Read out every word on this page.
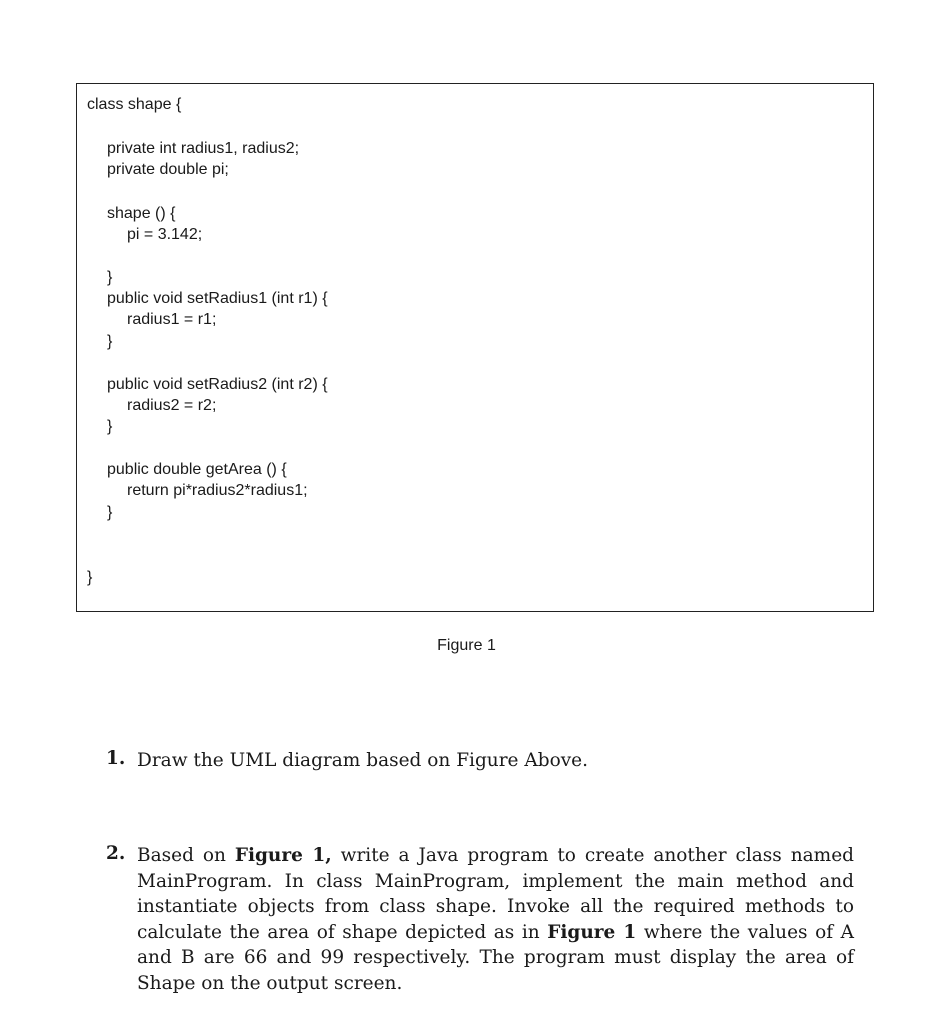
class shape {
private int radius1, radius2;
private double pi;
shape () {
pi = 3.142;
}
public void setRadius1 (int r1) {
radius1 = r1;
}
public void setRadius2 (int r2) {
radius2 = r2;
}
public double getArea () {
return pi*radius2*radius1;
}
}
Figure 1
1. Draw the UML diagram based on Figure Above.
2. Based on Figure 1, write a Java program to create another class named MainProgram. In class MainProgram, implement the main method and instantiate objects from class shape. Invoke all the required methods to calculate the area of shape depicted as in Figure 1 where the values of A and B are 66 and 99 respectively. The program must display the area of Shape on the output screen.
